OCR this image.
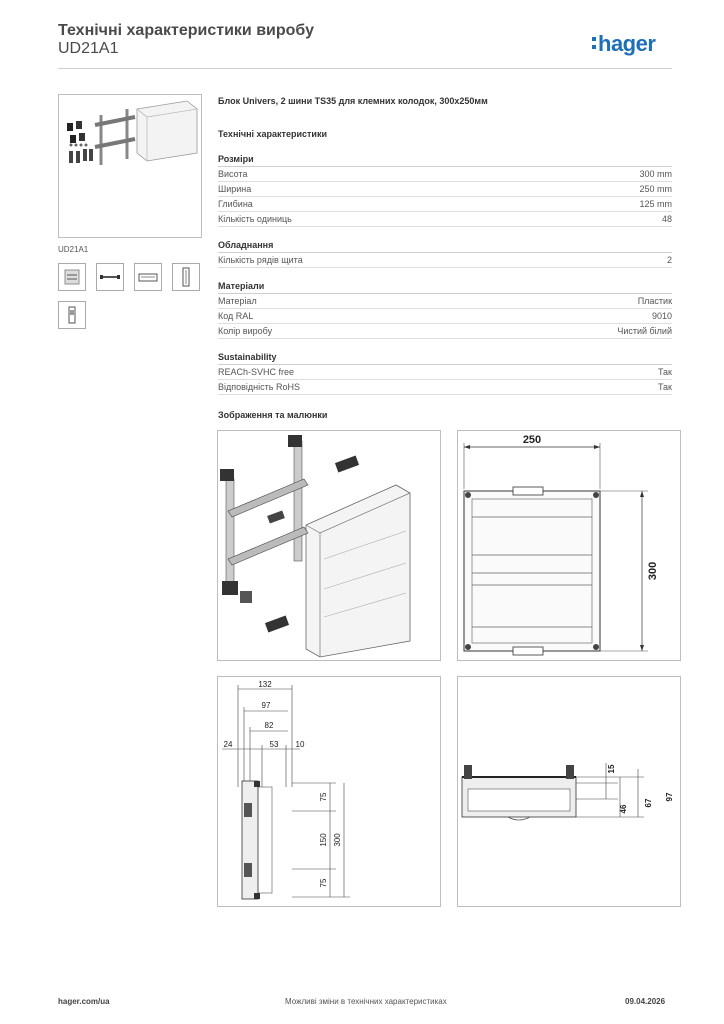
Технічні характеристики виробу
UD21A1	hager
UD21A1
Блок Univers, 2 шини TS35 для клемних колодок, 300x250мм
Технічні характеристики
Розміри
Висота	300 mm
Ширина	250 mm
Глибина	125 mm
Кількість одиниць	48
Обладнання
Кількість рядів щита	2
Матеріали
Матеріал	Пластик
Код RAL	9010
Колір виробу	Чистий білий
Sustainability
REACh-SVHC free	Так
Відповідність RoHS	Так
Зображення та малюнки
250
300
132
97
82
24	53 10
75
150
75
300
15
46
67
97
hager.com/ua	Можливі зміни в технічних характеристиках	09.04.2026
